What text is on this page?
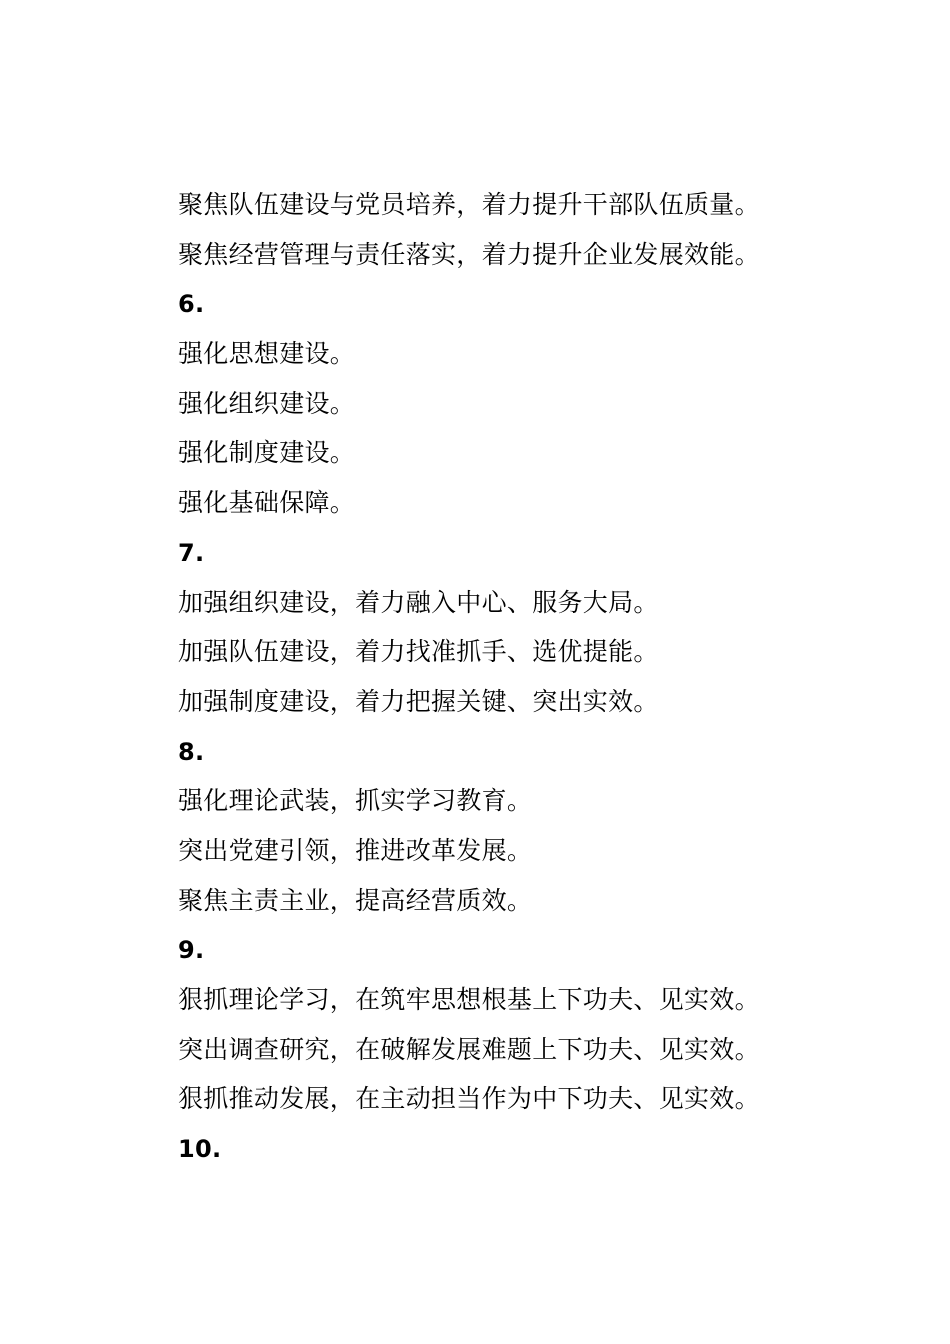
聚焦队伍建设与党员培养，着力提升干部队伍质量。
聚焦经营管理与责任落实，着力提升企业发展效能。
6.
强化思想建设。
强化组织建设。
强化制度建设。
强化基础保障。
7.
加强组织建设，着力融入中心、服务大局。
加强队伍建设，着力找准抓手、选优提能。
加强制度建设，着力把握关键、突出实效。
8.
强化理论武装，抓实学习教育。
突出党建引领，推进改革发展。
聚焦主责主业，提高经营质效。
9.
狠抓理论学习，在筑牢思想根基上下功夫、见实效。
突出调查研究，在破解发展难题上下功夫、见实效。
狠抓推动发展，在主动担当作为中下功夫、见实效。
10.
